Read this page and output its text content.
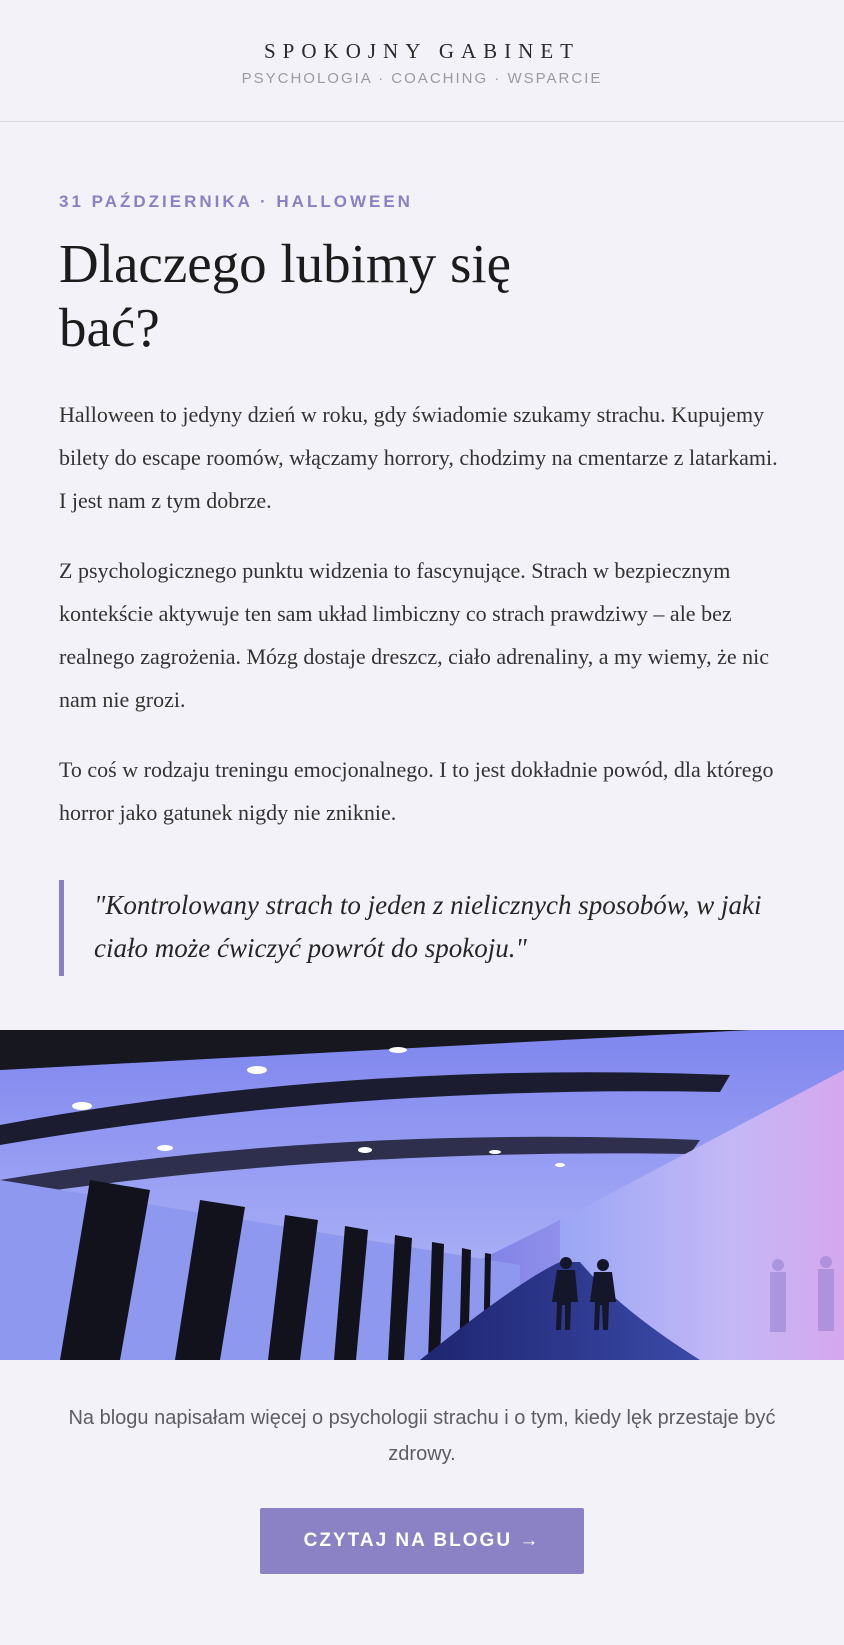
SPOKOJNY GABINET
PSYCHOLOGIA · COACHING · WSPARCIE
31 PAŹDZIERNIKA · HALLOWEEN
Dlaczego lubimy się bać?

Halloween to jedyny dzień w roku, gdy świadomie szukamy strachu. Kupujemy bilety do escape roomów, włączamy horrory, chodzimy na cmentarze z latarkami. I jest nam z tym dobrze.

Z psychologicznego punktu widzenia to fascynujące. Strach w bezpiecznym kontekście aktywuje ten sam układ limbiczny co strach prawdziwy – ale bez realnego zagrożenia. Mózg dostaje dreszcz, ciało adrenaliny, a my wiemy, że nic nam nie grozi.

To coś w rodzaju treningu emocjonalnego. I to jest dokładnie powód, dla którego horror jako gatunek nigdy nie zniknie.

"Kontrolowany strach to jeden z nielicznych sposobów, w jaki ciało może ćwiczyć powrót do spokoju."
Na blogu napisałam więcej o psychologii strachu i o tym, kiedy lęk przestaje być zdrowy.
CZYTAJ NA BLOGU →
